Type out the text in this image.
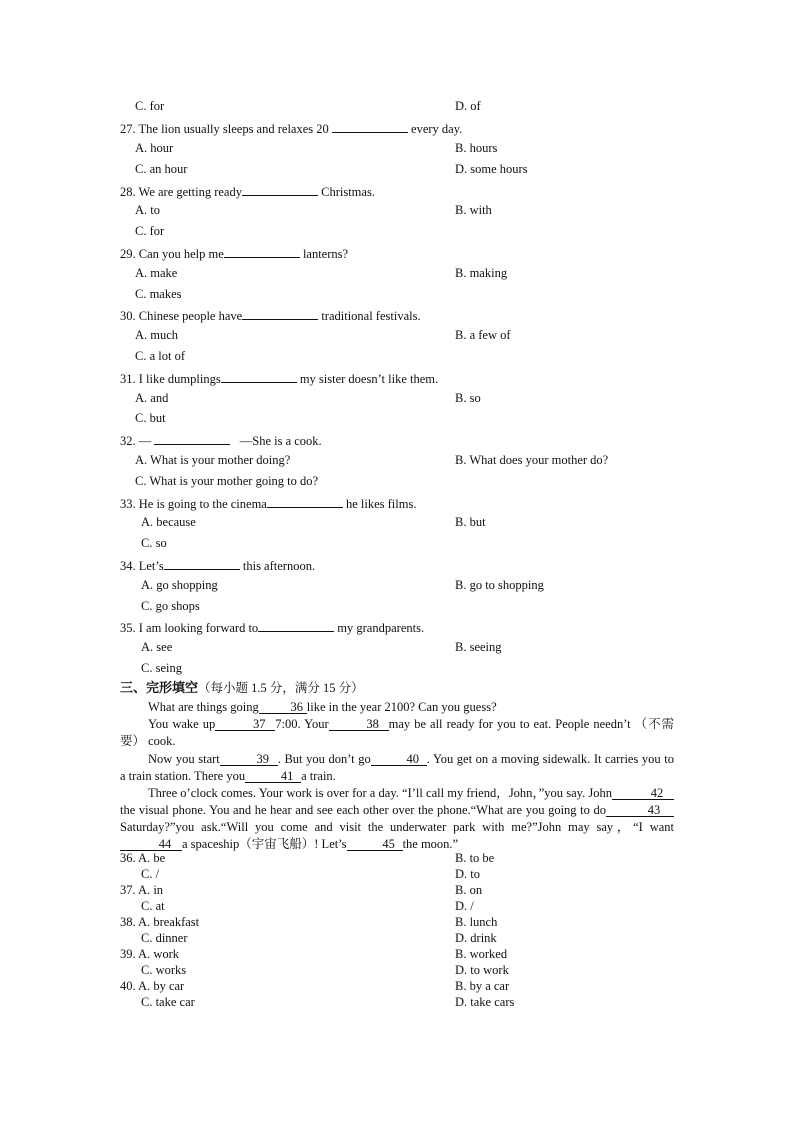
C. for	D. of
27. The lion usually sleeps and relaxes 20	every day.
A. hour	B. hours
C. an hour	D. some hours
28. We are getting ready	Christmas.
A. to	B. with
C. for
29. Can you help me	lanterns?
A. make	B. making
C. makes
30. Chinese people have	traditional festivals.
A. much	B. a few of
C. a lot of
31. I like dumplings	my sister doesn’t like them.
A. and	B. so
C. but
32. —	—She is a cook.
A. What is your mother doing?	B. What does your mother do?
C. What is your mother going to do?
33. He is going to the cinema	he likes films.
A. because	B. but
C. so
34. Let’s	this afternoon.
A. go shopping	B. go to shopping
C. go shops
35. I am looking forward to	my grandparents.
A. see	B. seeing
C. seing
三、完形填空（每小题 1.5 分，满分 15 分）
What are things going	36 like in the year 2100? Can you guess?
You wake up	37 7:00. Your	38 may be all ready for you to eat. People needn’t （不需要） cook.
Now you start	39 . But you don’t go	40 . You get on a moving sidewalk. It carries you to a train station. There you	41 a train.
Three o’clock comes. Your work is over for a day. “I’ll call my friend，John，”you say. John	42the visual phone. You and he hear and see each other over the phone.“What are you going to do	43Saturday?”you ask.“Will you come and visit the underwater park with me?”John may say，“I want44 a spaceship（宇宙飞船）! Let’s	45 the moon.”
36. A. be	B. to be
C. /	D. to
37. A. in	B. on
C. at	D. /
38. A. breakfast	B. lunch
C. dinner	D. drink
39. A. work	B. worked
C. works	D. to work
40. A. by car	B. by a car
C. take car	D. take cars
